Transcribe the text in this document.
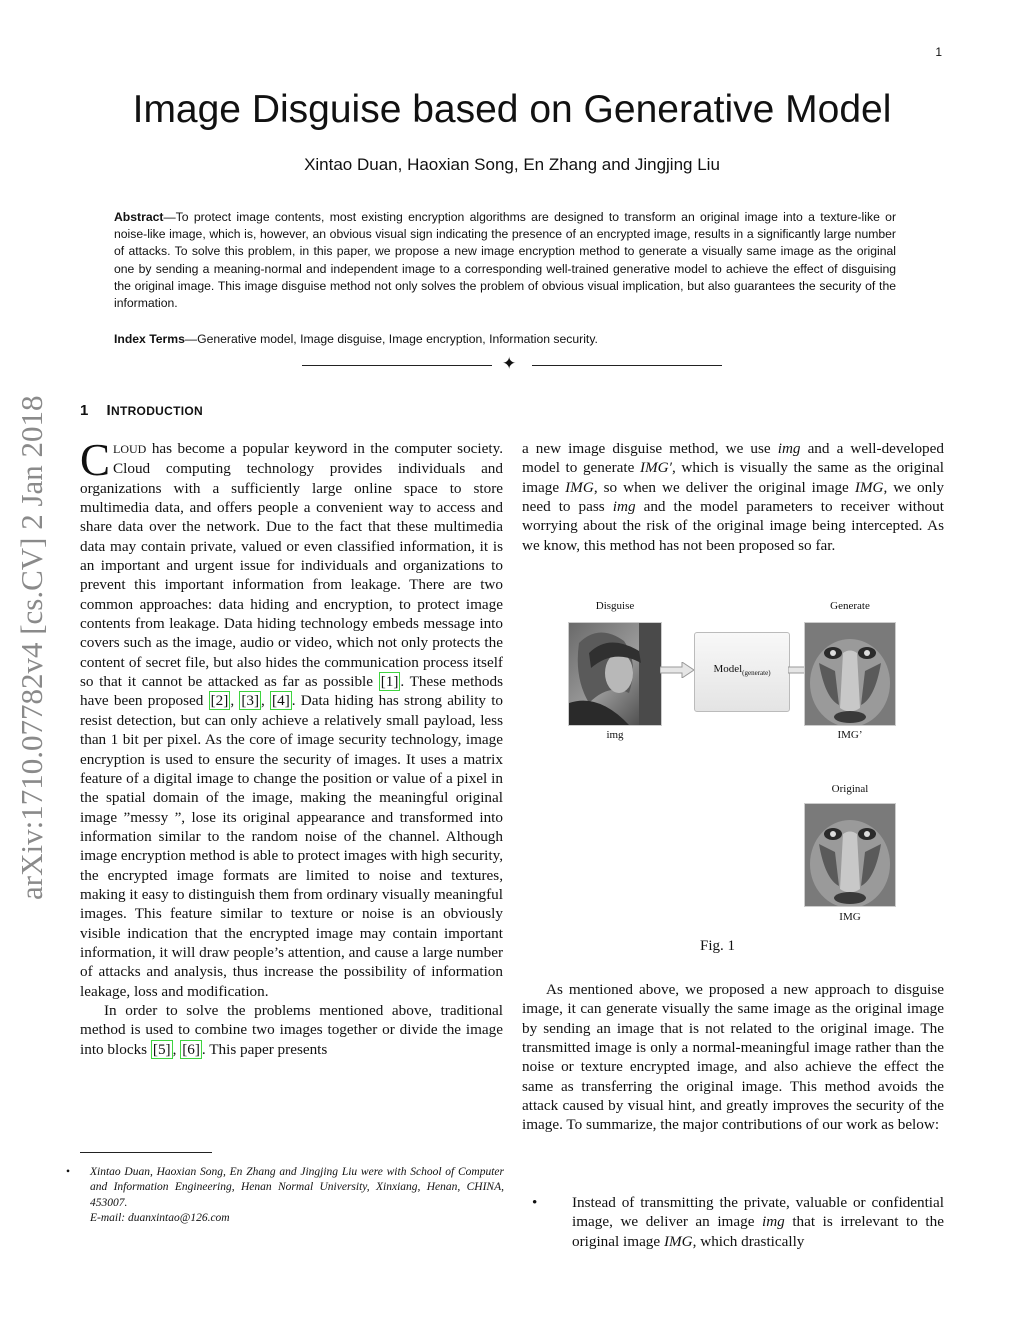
1
Image Disguise based on Generative Model
Xintao Duan, Haoxian Song, En Zhang and Jingjing Liu
Abstract—To protect image contents, most existing encryption algorithms are designed to transform an original image into a texture-like or noise-like image, which is, however, an obvious visual sign indicating the presence of an encrypted image, results in a significantly large number of attacks. To solve this problem, in this paper, we propose a new image encryption method to generate a visually same image as the original one by sending a meaning-normal and independent image to a corresponding well-trained generative model to achieve the effect of disguising the original image. This image disguise method not only solves the problem of obvious visual implication, but also guarantees the security of the information.
Index Terms—Generative model, Image disguise, Image encryption, Information security.
✦
arXiv:1710.07782v4 [cs.CV] 2 Jan 2018	1 INTRODUCTION

CLOUD has become a popular keyword in the computer society. Cloud computing technology provides individuals and organizations with a sufficiently large online space to store multimedia data, and offers people a convenient way to access and share data over the network. Due to the fact that these multimedia data may contain private, valued or even classified information, it is an important and urgent issue for individuals and organizations to prevent this important information from leakage. There are two common approaches: data hiding and encryption, to protect image contents from leakage. Data hiding technology embeds message into covers such as the image, audio or video, which not only protects the content of secret file, but also hides the communication process itself so that it cannot be attacked as far as possible [1] . These methods have been proposed [2] , [3] , [4] . Data hiding has strong ability to resist detection, but can only achieve a relatively small payload, less than 1 bit per pixel. As the core of image security technology, image encryption is used to ensure the security of images. It uses a matrix feature of a digital image to change the position or value of a pixel in the spatial domain of the image, making the meaningful original image ”messy ”, lose its original appearance and transformed into information similar to the random noise of the channel. Although image encryption method is able to protect images with high security, the encrypted image formats are limited to noise and textures, making it easy to distinguish them from ordinary visually meaningful images. This feature similar to texture or noise is an obviously visible indication that the encrypted image may contain important information, it will draw people’s attention, and cause a large number of attacks and analysis, thus increase the possibility of information leakage, loss and modification.

In order to solve the problems mentioned above, traditional method is used to combine two images together or divide the image into blocks [5] , [6] . This paper presents

a new image disguise method, we use img and a well-developed model to generate IMG′, which is visually the same as the original image IMG, so when we deliver the original image IMG, we only need to pass img and the model parameters to receiver without worrying about the risk of the original image being intercepted. As we know, this method has not been proposed so far.

Disguise	Generate
Model$_{(generate)}$
img	IMG’
Original
IMG
Fig. 1

As mentioned above, we proposed a new approach to disguise image, it can generate visually the same image as the original image by sending an image that is not related to the original image. The transmitted image is only a normal-meaningful image rather than the noise or texture encrypted image, and also achieve the effect the same as transferring the original image. This method avoids the attack caused by visual hint, and greatly improves the security of the image. To summarize, the major contributions of our work as below:

•	Instead of transmitting the private, valuable or confidential image, we deliver an image img that is irrelevant to the original image IMG, which drastically
•	Xintao Duan, Haoxian Song, En Zhang and Jingjing Liu were with School of Computer and Information Engineering, Henan Normal University, Xinxiang, Henan, CHINA, 453007.
E-mail: duanxintao@126.com
